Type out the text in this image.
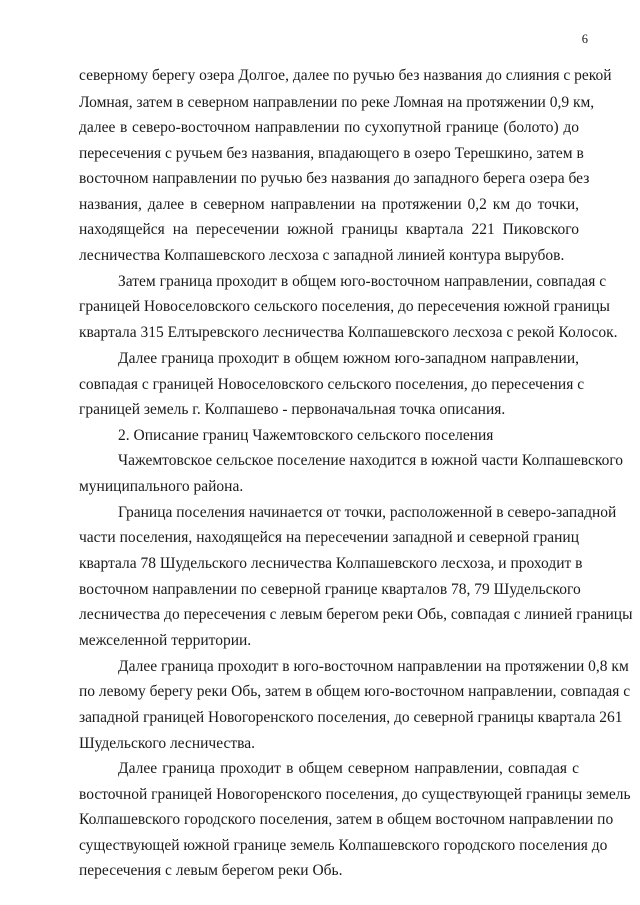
6
северному берегу озера Долгое, далее по ручью без названия до слияния с рекой
Ломная, затем в северном направлении по реке Ломная на протяжении 0,9 км,
далее в северо-восточном направлении по сухопутной границе (болото) до
пересечения с ручьем без названия, впадающего в озеро Терешкино, затем в
восточном направлении по ручью без названия до западного берега озера без
названия, далее в северном направлении на протяжении 0,2 км до точки,
находящейся на пересечении южной границы квартала 221 Пиковского
лесничества Колпашевского лесхоза с западной линией контура вырубов.
Затем граница проходит в общем юго-восточном направлении, совпадая с
границей Новоселовского сельского поселения, до пересечения южной границы
квартала 315 Елтыревского лесничества Колпашевского лесхоза с рекой Колосок.
Далее граница проходит в общем южном юго-западном направлении,
совпадая с границей Новоселовского сельского поселения, до пересечения с
границей земель г. Колпашево - первоначальная точка описания.
2. Описание границ Чажемтовского сельского поселения
Чажемтовское сельское поселение находится в южной части Колпашевского
муниципального района.
Граница поселения начинается от точки, расположенной в северо-западной
части поселения, находящейся на пересечении западной и северной границ
квартала 78 Шудельского лесничества Колпашевского лесхоза, и проходит в
восточном направлении по северной границе кварталов 78, 79 Шудельского
лесничества до пересечения с левым берегом реки Обь, совпадая с линией границы
межселенной территории.
Далее граница проходит в юго-восточном направлении на протяжении 0,8 км
по левому берегу реки Обь, затем в общем юго-восточном направлении, совпадая с
западной границей Новогоренского поселения, до северной границы квартала 261
Шудельского лесничества.
Далее граница проходит в общем северном направлении, совпадая с
восточной границей Новогоренского поселения, до существующей границы земель
Колпашевского городского поселения, затем в общем восточном направлении по
существующей южной границе земель Колпашевского городского поселения до
пересечения с левым берегом реки Обь.
